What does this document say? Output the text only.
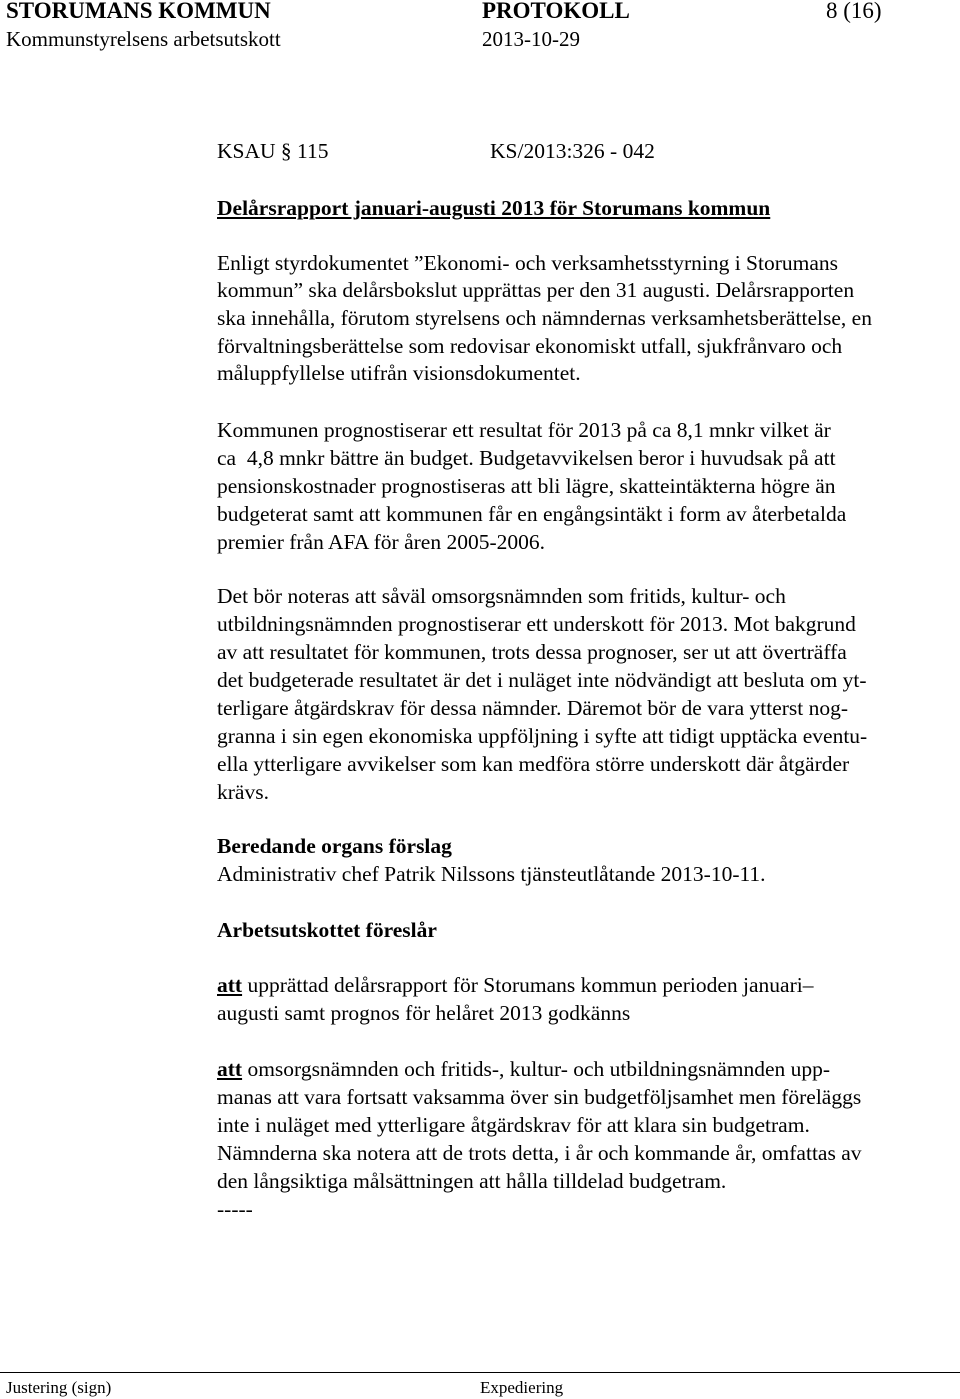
STORUMANS KOMMUN	PROTOKOLL	8 (16)
Kommunstyrelsens arbetsutskott	2013-10-29
KSAU § 115	KS/2013:326 - 042
Delårsrapport januari-augusti 2013 för Storumans kommun
Enligt styrdokumentet ”Ekonomi- och verksamhetsstyrning i Storumans
kommun” ska delårsbokslut upprättas per den 31 augusti. Delårsrapporten
ska innehålla, förutom styrelsens och nämndernas verksamhetsberättelse, en
förvaltningsberättelse som redovisar ekonomiskt utfall, sjukfrånvaro och
måluppfyllelse utifrån visionsdokumentet.
Kommunen prognostiserar ett resultat för 2013 på ca 8,1 mnkr vilket är
ca  4,8 mnkr bättre än budget. Budgetavvikelsen beror i huvudsak på att
pensionskostnader prognostiseras att bli lägre, skatteintäkterna högre än
budgeterat samt att kommunen får en engångsintäkt i form av återbetalda
premier från AFA för åren 2005-2006.
Det bör noteras att såväl omsorgsnämnden som fritids, kultur- och
utbildningsnämnden prognostiserar ett underskott för 2013. Mot bakgrund
av att resultatet för kommunen, trots dessa prognoser, ser ut att överträffa
det budgeterade resultatet är det i nuläget inte nödvändigt att besluta om yt-
terligare åtgärdskrav för dessa nämnder. Däremot bör de vara ytterst nog-
granna i sin egen ekonomiska uppföljning i syfte att tidigt upptäcka eventu-
ella ytterligare avvikelser som kan medföra större underskott där åtgärder
krävs.
Beredande organs förslag
Administrativ chef Patrik Nilssons tjänsteutlåtande 2013-10-11.
Arbetsutskottet föreslår
att upprättad delårsrapport för Storumans kommun perioden januari–
augusti samt prognos för helåret 2013 godkänns
att omsorgsnämnden och fritids-, kultur- och utbildningsnämnden upp-
manas att vara fortsatt vaksamma över sin budgetföljsamhet men föreläggs
inte i nuläget med ytterligare åtgärdskrav för att klara sin budgetram.
Nämnderna ska notera att de trots detta, i år och kommande år, omfattas av
den långsiktiga målsättningen att hålla tilldelad budgetram.
-----
Justering (sign)	Expediering
